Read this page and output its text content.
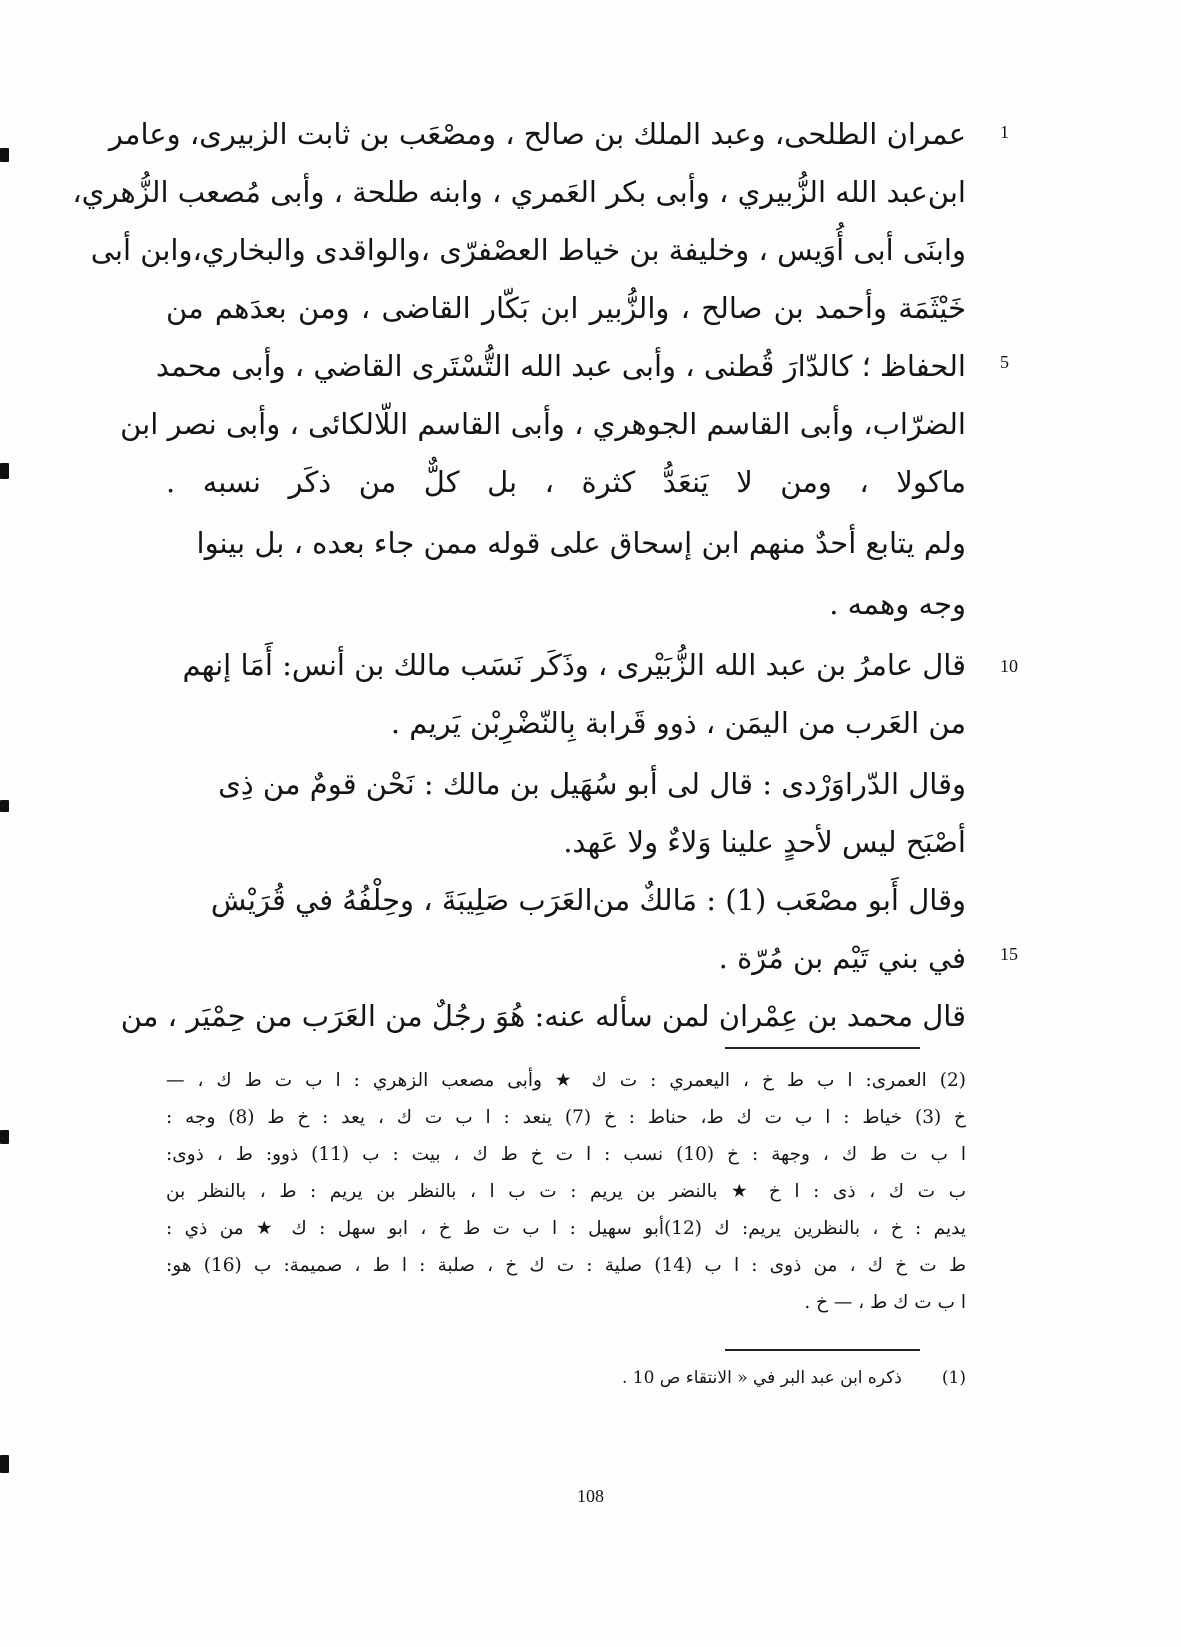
عمران الطلحى، وعبد الملك بن صالح ، ومصْعَب بن ثابت الزبيرى، وعامر
ابن‌عبد الله الزُّبيري ، وأبى بكر العَمري ، وابنه طلحة ، وأبى مُصعب الزُّهري،
وابنَى أبى أُوَيس ، وخليفة بن خياط العصْفرّى ،والواقدى والبخاري،وابن أبى
خَيْثَمَة وأحمد بن صالح ، والزُّبير ابن بَكّار القاضى ، ومن بعدَهم من
الحفاظ ؛ كالدّارَ قُطنى ، وأبى عبد الله التُّسْتَرى القاضي ، وأبى محمد
الضرّاب، وأبى القاسم الجوهري ، وأبى القاسم اللّالكائى ، وأبى نصر ابن
ماكولا ، ومن لا يَنعَدُّ كثرة ، بل كلٌّ من ذكَر نسبه .
ولم يتابع أحدٌ منهم ابن إسحاق على قوله ممن جاء بعده ، بل بينوا
وجه وهمه .
قال عامرُ بن عبد الله الزُّبَيْرى ، وذَكَر نَسَب مالك بن أنس: أَمَا إنهم
من العَرب من اليمَن ، ذوو قَرابة بِالنّضْرِبْن يَريم .
وقال الدّراوَرْدى : قال لى أبو سُهَيل بن مالك : نَحْن قومٌ من ذِى
أصْبَح ليس لأحدٍ علينا وَلاءٌ ولا عَهد.
وقال أَبو مصْعَب (1) : مَالكٌ من‌العَرَب صَلِيبَةَ ، وحِلْفُهُ في قُرَيْش
في بني تَيْم بن مُرّة .
قال محمد بن عِمْران لمن سأله عنه: هُوَ رجُلٌ من العَرَب من حِمْيَر ، من
1
5
10
15
(2) العمرى: ا ب ط خ ، اليعمري : ت ك ★ وأبى مصعب الزهري : ا ب ت ط ك ، —
خ (3) خياط : ا ب ت ك ط، حناط : خ (7) ينعد : ا ب ت ك ، يعد : خ ط (8) وجه :
ا ب ت ط ك ، وجهة : خ (10) نسب : ا ت خ ط ك ، بيت : ب (11) ذوو: ط ، ذوى:
ب ت ك ، ذى : ا خ ★ بالنضر بن يريم : ت ب ا ، بالنظر بن يريم : ط ، بالنظر بن
يديم : خ ، بالنظرين يريم: ك (12)أبو سهيل : ا ب ت ط خ ، ابو سهل : ك ★ من ذي :
ط ت خ ك ، من ذوى : ا ب (14) صلية : ت ك خ ، صلبة : ا ط ، صميمة: ب (16) هو:
ا ب ت ك ط ، — خ .
(1)ذكره ابن عبد البر في « الانتقاء ص 10 .
108
